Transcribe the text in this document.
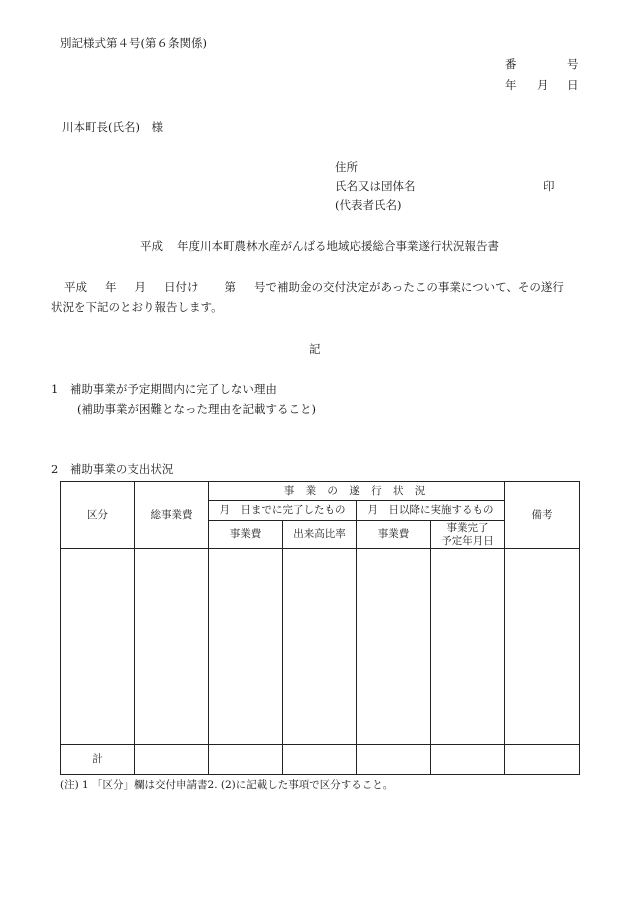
別記様式第４号(第６条関係)
番	号
年 月 日
川本町長(氏名)　様
住所
氏名又は団体名	印
(代表者氏名)
平成 年度川本町農林水産がんばる地域応援総合事業遂行状況報告書
平成 年 月 日付け 第 号で補助金の交付決定があったこの事業について、その遂行
状況を下記のとおり報告します。
記
1　補助事業が予定期間内に完了しない理由
(補助事業が困難となった理由を記載すること)
2　補助事業の支出状況
区分	総事業費	事 業 の 遂 行 状 況				備考
		月　日までに完了したもの		月　日以降に実施するもの		
		事業費	出来高比率	事業費	事業完了
予定年月日	

計						
(注) 1 「区分」欄は交付申請書2. (2)に記載した事項で区分すること。
